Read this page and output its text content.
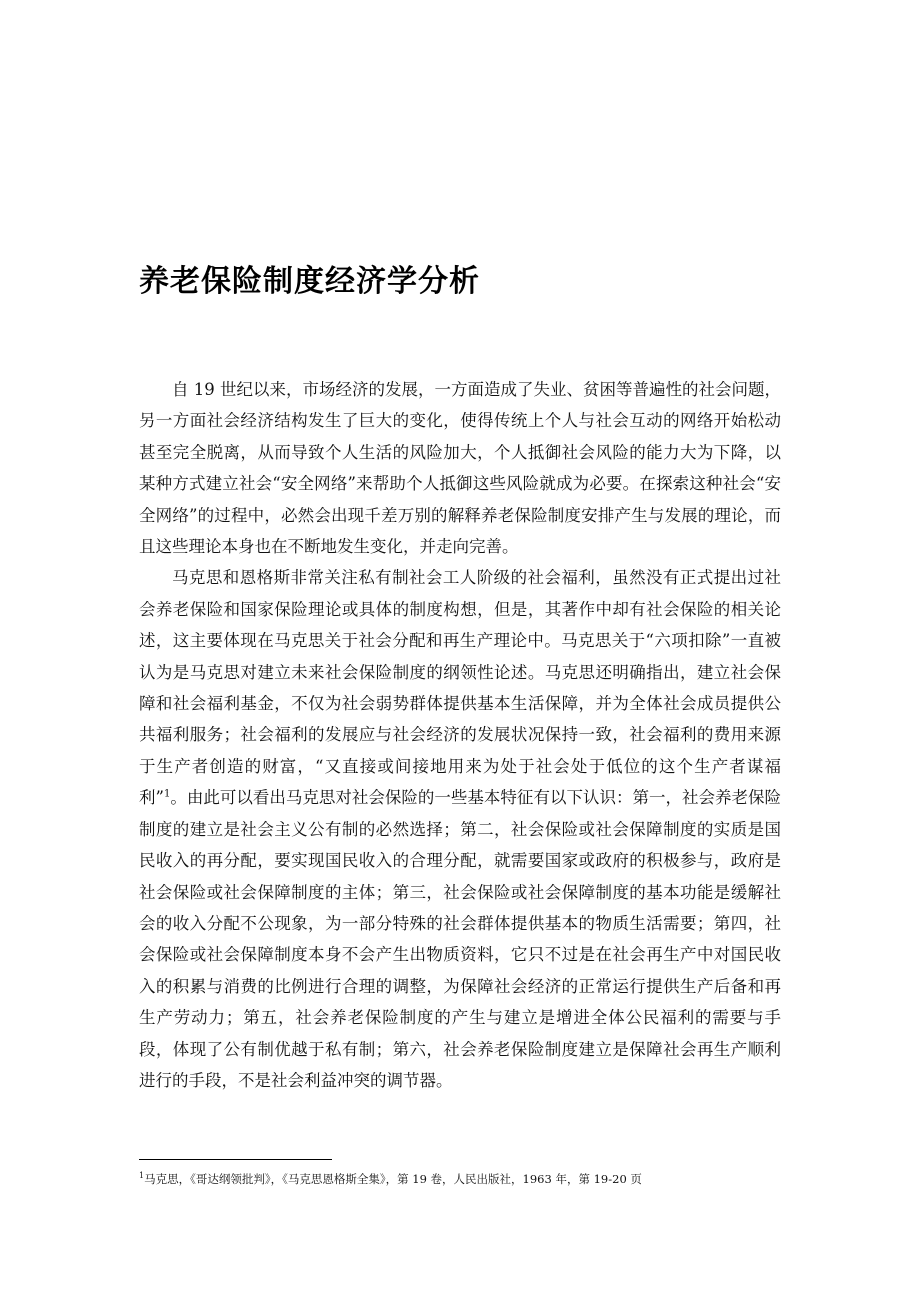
养老保险制度经济学分析

自 19 世纪以来，市场经济的发展，一方面造成了失业、贫困等普遍性的社会问题，另一方面社会经济结构发生了巨大的变化，使得传统上个人与社会互动的网络开始松动甚至完全脱离，从而导致个人生活的风险加大，个人抵御社会风险的能力大为下降，以某种方式建立社会“安全网络”来帮助个人抵御这些风险就成为必要。在探索这种社会“安全网络”的过程中，必然会出现千差万别的解释养老保险制度安排产生与发展的理论，而且这些理论本身也在不断地发生变化，并走向完善。

马克思和恩格斯非常关注私有制社会工人阶级的社会福利，虽然没有正式提出过社会养老保险和国家保险理论或具体的制度构想，但是，其著作中却有社会保险的相关论述，这主要体现在马克思关于社会分配和再生产理论中。马克思关于“六项扣除”一直被认为是马克思对建立未来社会保险制度的纲领性论述。马克思还明确指出，建立社会保障和社会福利基金，不仅为社会弱势群体提供基本生活保障，并为全体社会成员提供公共福利服务；社会福利的发展应与社会经济的发展状况保持一致，社会福利的费用来源于生产者创造的财富，“又直接或间接地用来为处于社会处于低位的这个生产者谋福利”$^1$。由此可以看出马克思对社会保险的一些基本特征有以下认识：第一，社会养老保险制度的建立是社会主义公有制的必然选择；第二，社会保险或社会保障制度的实质是国民收入的再分配，要实现国民收入的合理分配，就需要国家或政府的积极参与，政府是社会保险或社会保障制度的主体；第三，社会保险或社会保障制度的基本功能是缓解社会的收入分配不公现象，为一部分特殊的社会群体提供基本的物质生活需要；第四，社会保险或社会保障制度本身不会产生出物质资料，它只不过是在社会再生产中对国民收入的积累与消费的比例进行合理的调整，为保障社会经济的正常运行提供生产后备和再生产劳动力；第五，社会养老保险制度的产生与建立是增进全体公民福利的需要与手段，体现了公有制优越于私有制；第六，社会养老保险制度建立是保障社会再生产顺利进行的手段，不是社会利益冲突的调节器。

$^1$马克思，《哥达纲领批判》，《马克思恩格斯全集》，第 19 卷，人民出版社，1963 年，第 19-20 页
